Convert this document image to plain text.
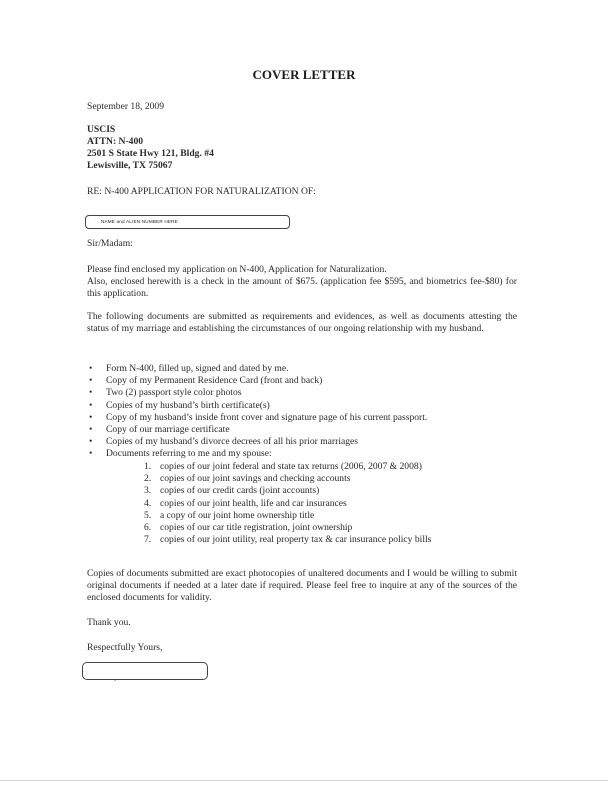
COVER LETTER
September 18, 2009
USCIS
ATTN: N-400
2501 S State Hwy 121, Bldg. #4
Lewisville, TX 75067
RE: N-400 APPLICATION FOR NATURALIZATION OF:
NAME and ALIEN NUMBER HERE
Sir/Madam:
Please find enclosed my application on N-400, Application for Naturalization.
Also, enclosed herewith is a check in the amount of $675. (application fee $595, and biometrics fee-$80) for this application.
The following documents are submitted as requirements and evidences, as well as documents attesting the status of my marriage and establishing the circumstances of our ongoing relationship with my husband.
• Form N-400, filled up, signed and dated by me.
• Copy of my Permanent Residence Card (front and back)
• Two (2) passport style color photos
• Copies of my husband’s birth certificate(s)
• Copy of my husband’s inside front cover and signature page of his current passport.
• Copy of our marriage certificate
• Copies of my husband’s divorce decrees of all his prior marriages
• Documents referring to me and my spouse:
1. copies of our joint federal and state tax returns (2006, 2007 & 2008)
2. copies of our joint savings and checking accounts
3. copies of our credit cards (joint accounts)
4. copies of our joint health, life and car insurances
5. a copy of our joint home ownership title
6. copies of our car title registration, joint ownership
7. copies of our joint utility, real property tax & car insurance policy bills
Copies of documents submitted are exact photocopies of unaltered documents and I would be willing to submit original documents if needed at a later date if required. Please feel free to inquire at any of the sources of the enclosed documents for validity.
Thank you.
Respectfully Yours,
